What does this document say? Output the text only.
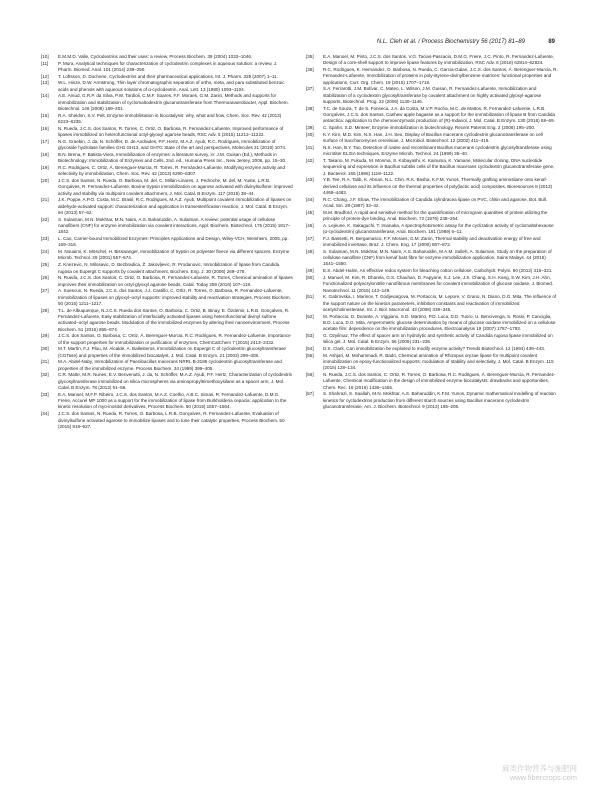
N.L. Cleh et al. / Process Biochemistry 56 (2017) 81–89	89
[10] E.M.M.D. Valle, Cyclodextrins and their uses: a review, Process Biochem. 39 (2004) 1033–1046.
[11] P. Mura, Analytical techniques for characterization of cyclodextrin complexes in aqueous solution: a review, J. Pharm. Biomed. Anal. 101 (2014) 238–250.
[12] T. Loftsson, D. Duchene, Cyclodextrins and their pharmaceutical applications, Int. J. Pharm. 329 (2007) 1–11.
[13] W.L. Hinze, D.W. Armstrong, Thin layer chromatographic separation of ortho, meta, and para substituted benzoic acids and phenols with aqueous solutions of α-cyclodextrin, Anal. Lett. 13 (1980) 1093–1104.
[14] A.E. Amud, G.R.P. da Silva, P.W. Tardioli, C.M.F. Soares, F.F. Moraes, G.M. Zanin, Methods and supports for immobilization and stabilization of cyclomaltodextrin glucanotransferase from Thermoanaerobacter, Appl. Biochem. Biotechnol. 146 (2008) 189–201.
[15] R.A. Sheldon, S.V. Pelt, Enzyme immobilisation in biocatalysis: why, what and how, Chem. Soc. Rev. 42 (2013) 6223–6235.
[16] N. Rueda, J.C.S. dos Santos, R. Torres, C. Ortiz, O. Barbosa, R. Fernandez-Lafuente, Improved performance of lipases immobilized on heterofunctional octyl-glyoxyl agarose beads, RSC Adv. 5 (2015) 11212–11222.
[17] N.G. Graebin, J. da, N. Schöffer, D. de Andrades, P.F. Hertz, M.A.Z. Ayub, R.C. Rodrigues, Immobilization of glycoside hydrolase families GH1 GH13, and GH70: State of the art and perspectives, Molecules 21 (2016) 1074.
[18] B.N. Brena, F. Batista-Viera, Immobilization of enzymes: a literature survey, in: J.M. Guisan (Ed.), Methods in Biotechnology: Immobilization of Enzymes and Cells, 2nd. ed., Humana Press Inc., New Jersey, 2006, pp. 15–30.
[19] R.C. Rodrigues, C. Ortiz, Á. Berenguer-Murcia, R. Torres, R. Fernández-Lafuente, Modifying enzyme activity and selectivity by immobilization, Chem. Soc. Rev. 42 (2013) 6290–6307.
[20] J.C.S. dos Santos, N. Rueda, O. Barbosa, M. del, C. Millán-Linares, J. Pedroche, M. del, M. Yuste, L.R.B. Gonçalves, R. Fernandez-Lafuente, Bovine trypsin immobilization on agarose activated with divinylsulfone: improved activity and stability via multipoint covalent attachment, J. Mol. Catal. B Enzym. 117 (2015) 38–44.
[21] J.K. Poppe, A.P.O. Costa, M.C. Brasil, R.C. Rodrigues, M.A.Z. Ayub, Multipoint covalent immobilization of lipases on aldehyde-activated support: characterization and application in transesterification reaction, J. Mol. Catal. B Enzym. 94 (2013) 57–62.
[22] S. Sulaiman, M.N. Mokhtar, M.N. Naim, A.S. Baharuddin, A. Sulaiman, A review: potential usage of cellulose nanofibers (CNF) for enzyme immobilization via covalent interactions, Appl. Biochem. Biotechnol. 175 (2015) 1817–1842.
[23] L. Cao, Carrier-bound Immobilized Enzymes: Principles Applications and Design, Wiley-VCH, Weinheim, 2005, pp. 169–316.
[24] M. Nouaimi, K. Möschel, H. Bisswanger, Immobilization of trypsin on polyester fleece via different spacers, Enzyme Microb. Technol. 29 (2001) 567–574.
[25] Z. Knezevic, N. Milosavic, D. Bezbradica, Ž. Jakovljevic, R. Prodanovic, Immobilization of lipase from Candida rugosa on Eupergit C supports by covalent attachment, Biochem. Eng. J. 30 (2006) 269–278.
[26] N. Rueda, J.C.S. dos Santos, C. Ortiz, O. Barbosa, R. Fernandez-Lafuente, R. Torres, Chemical amination of lipases improves their immobilization on octyl-glyoxyl agarose beads, Catal. Today 259 (2016) 107–118.
[27] A. Suescun, N. Rueda, J.C.S. dos Santos, J.J. Castillo, C. Ortiz, R. Torres, O. Barbosa, R. Fernandez-Lafuente, Immobilization of lipases on glyoxyl–octyl supports: improved stability and reactivation strategies, Process Biochem. 50 (2015) 1211–1217.
[28] T.L. de Albuquerque, N.J.C.S. Rueda dos Santos, O. Barbosa, C. Ortiz, B. Binay, E. Özdemir, L.R.B. Gonçalves, R. Fernández-Lafuente, Easy stabilization of interfacially activated lipases using heterofunctional divinyl sulfone activated–octyl agarose beads. Modulation of the immobilized enzymes by altering their nanoenvironment, Process Biochem. 51 (2016) 865–874.
[29] J.C.S. dos Santos, O. Barbosa, C. Ortiz, Á. Berenguer-Murcia, R.C. Rodrigues, R. Fernandez-Lafuente, Importance of the support properties for immobilization or purification of enzymes, ChemCatChem 7 (2015) 2413–2432.
[30] M.T. Martín, F.J. Plou, M. Alcalde, A. Ballesteros, Immobilization on Eupergit C of cyclodextrin glucosyltransferase (CGTase) and properties of the immobilized biocatalyst, J. Mol. Catal. B Enzym. 21 (2003) 299–308.
[31] M.A. Abdel-Naby, Immobilization of Paenibacillus macerans NRRL B-3186 cyclodextrin glucosyltransferase and properties of the immobilized enzyme, Process Biochem. 34 (1999) 399–405.
[32] C.R. Matte, M.R. Nunes, E.V. Benvenutti, J. da, N. Schöffer, M.A.Z. Ayub, P.F. Hertz, Characterization of cyclodextrin glycosyltransferase immobilized on silica microspheres via aminopropyltrimethoxysilane as a spacer arm, J. Mol. Catal. B Enzym. 78 (2012) 51–56.
[33] E.A. Manoel, M.F.P. Ribeiro, J.C.S. dos Santos, M.A.Z. Coelho, A.B.C. Simas, R. Fernandez-Lafuente, D.M.G. Freire, Accurel MP 1000 as a support for the immobilization of lipase from Burkholderia cepacia: application to the kinetic resolution of myo-inositol derivatives, Process Biochem. 50 (2015) 1557–1564.
[34] J.C.S. dos Santos, N. Rueda, R. Torres, O. Barbosa, L.R.B. Gonçalves, R. Fernandez-Lafuente, Evaluation of divinylsulfone activated agarose to immobilize lipases and to tune their catalytic properties, Process Biochem. 50 (2015) 918–927.
[35] E.A. Manoel, M. Pinto, J.C.S. dos Santos, V.G. Tacias-Pascacio, D.M.G. Freire, J.C. Pinto, R. Fernandez-Lafuente, Design of a core-shell support to improve lipase features by immobilization, RSC Adv. 6 (2016) 62814–62824.
[36] R.C. Rodrigues, K. Hernandez, O. Barbosa, N. Rueda, C. Garcia-Galan, J.C.S. dos Santos, Á. Berenguer-Murcia, R. Fernandez-Lafuente, Immobilization of proteins in poly-styrene-divinylbenzene matrices: functional properties and applications, Curr. Org. Chem. 19 (2015) 1707–1718.
[37] S.A. Ferrarotti, J.M. Bolívar, C. Mateo, L. Wilson, J.M. Guisan, R. Fernandez-Lafuente, Immobilization and stabilization of a cyclodextrin glycosyltransferase by covalent attachment on highly activated glyoxyl-agarose supports, Biotechnol. Prog. 22 (2006) 1140–1145.
[38] T.C. de Souza, T. de S. Fonseca, J.A. da Costa, M.V.P. Rocha, M.C. de Mattos, R. Fernandez-Lafuente, L.R.B. Gonçalves, J.C.S. dos Santos, Cashew apple bagasse as a support for the immobilization of lipase B from Candida antarctica: application to the chemoenzymatic production of (R)-Indanol, J. Mol. Catal. B Enzym. 130 (2016) 58–69.
[39] C. Spahn, S.D. Minteer, Enzyme immobilization in biotechnology, Recent Patents Eng. 2 (2008) 195–200.
[40] K.Y. Kim, M.D. Kim, N.S. Han, J.H. Seo, Display of Bacillus macerans cyclodextrin glucanotransferase on cell surface of Saccharomyces cerevisiae, J. Microbiol. Biotechnol. 12 (2002) 411–416.
[41] N.S. Han, B.Y. Tao, Detection of native and recombinant Bacillus macerans cyclodextrin glycosyltransferase using microtiter ELISA techniques, Enzyme Microb. Technol. 24 (1999) 35–40.
[42] T. Takano, M. Fukuda, M. Monma, S. Kobayashi, K. Kainuma, K. Yamane, Molecular cloning, DNA nucleotide sequencing and expression in Bacillus subtilis cells of the Bacillus macerans cyclodextrin glucanotransferase gene, J. Bacteriol. 166 (1986) 1118–1122.
[43] Y.B. Tee, R.A. Talib, K. Abnan, N.L. Chin, R.K. Basha, K.F.M. Yunos, Thermally grafting aminosilane onto kenaf-derived cellulose and its influence on the thermal properties of poly(lactic acid) composites, Bioresources 8 (2013) 4468–4483.
[44] R.C. Chang, J.F. Shaw, The immobilization of Candida cylindracea lipase on PVC, chitin and agarose, Bot. Bull. Acad. Sin. 28 (1987) 33–42.
[45] M.M. Bradford, A rapid and sensitive method for the quantification of microgram quantities of protein utilizing the principle of protein-dye binding, Anal. Biochem. 72 (1976) 248–254.
[46] A. Lejeune, K. Sakaguchi, T. Imanaka, A spectrophotometric assay for the cyclization activity of cyclomaltohexaose (α-cyclodextrin) glucanotransferase, Anal. Biochem. 181 (1989) 6–11.
[47] F.J. Bassetti, R. Bergamasco, F.F. Moraes, G.M. Zanin, Thermal stability and deactivation energy of free and immobilized invertase, Braz. J. Chem. Eng. 17 (2000) 867–872.
[48] S. Sulaiman, M.N. Mokhtar, M.N. Naim, A.S. Baharuddin, M.A.M. Salleh, A. Sulaiman, Study on the preparation of cellulose nanofibre (CNF) from kenaf bast fibre for enzyme immobilization application, Sains Malays. 44 (2015) 1541–1550.
[49] E.S. Abdel-Halim, An effective redox system for bleaching cotton cellulose, Carbohydr. Polym. 90 (2012) 316–321.
[50] J. Manuel, M. Kim, R. Dharela, G.S. Chauhan, D. Fapyane, S.J. Lee, J.S. Chang, S.H. Kang, S.W. Kim, J.H. Ahn, Functionalized polyacrylonitrile nanofibrous membranes for covalent immobilization of glucose oxidase, J. Biomed. Nanotechnol. 11 (2015) 143–149.
[51] K. Gabrovska, I. Marinov, T. Godjevargova, M. Portaccio, M. Lepore, V. Grano, N. Diano, D.G. Mita, The influence of the support nature on the kinetics parameters, inhibition constants and reactivation of immobilized acetylcholinesterase, Int. J. Biol. Macromol. 43 (2008) 339–345.
[52] M. Portaccio, D. Durante, A. Viggiano, S.D. Martino, P.D. Luca, D.D. Tuoro, U. Bencivenga, S. Rossi, P. Canciglia, B.D. Luca, D.G. Mita, Amperometric glucose determination by means of glucose oxidase immobilized on a cellulose acetate film: dependence on the immobilization procedures, Electroanalysis 19 (2007) 1787–1793.
[53] G. Ozyilmaz, The effect of spacer arm on hydrolytic and synthetic activity of Candida rugosa lipase immobilized on silica gel, J. Mol. Catal. B Enzym. 56 (2009) 231–236.
[54] D.S. Clark, Can immobilization be exploited to modify enzyme activity? Trends Biotechnol. 12 (1994) 439–443.
[55] M. Ashjari, M. Mohammadi, R. Badri, Chemical amination of Rhizopus oryzae lipase for multipoint covalent immobilization on epoxy-functionalized supports: modulation of stability and selectivity, J. Mol. Catal. B Enzym. 115 (2015) 128–134.
[56] N. Rueda, J.C.S. dos Santos, C. Ortiz, R. Torres, O. Barbosa, R.C. Rodrigues, Á. Berenguer-Murcia, R. Fernandez-Lafuente, Chemical modification in the design of immobilized enzyme biocatalysts: drawbacks and opportunities, Chem. Rec. 16 (2016) 1436–1455.
[57] S. Shahrazi, S. Saallah, M.N. Mokhtar, A.S. Baharuddin, K.F.M. Yunos, Dynamic mathematical modelling of reaction kinetics for cyclodextrins production from different starch sources using Bacillus macerans cyclodextrin glucanotransferase, Am. J. Biochem. Biotechnol. 9 (2013) 195–205.
麻类作物营养与施肥网
www.fibercrops.com
